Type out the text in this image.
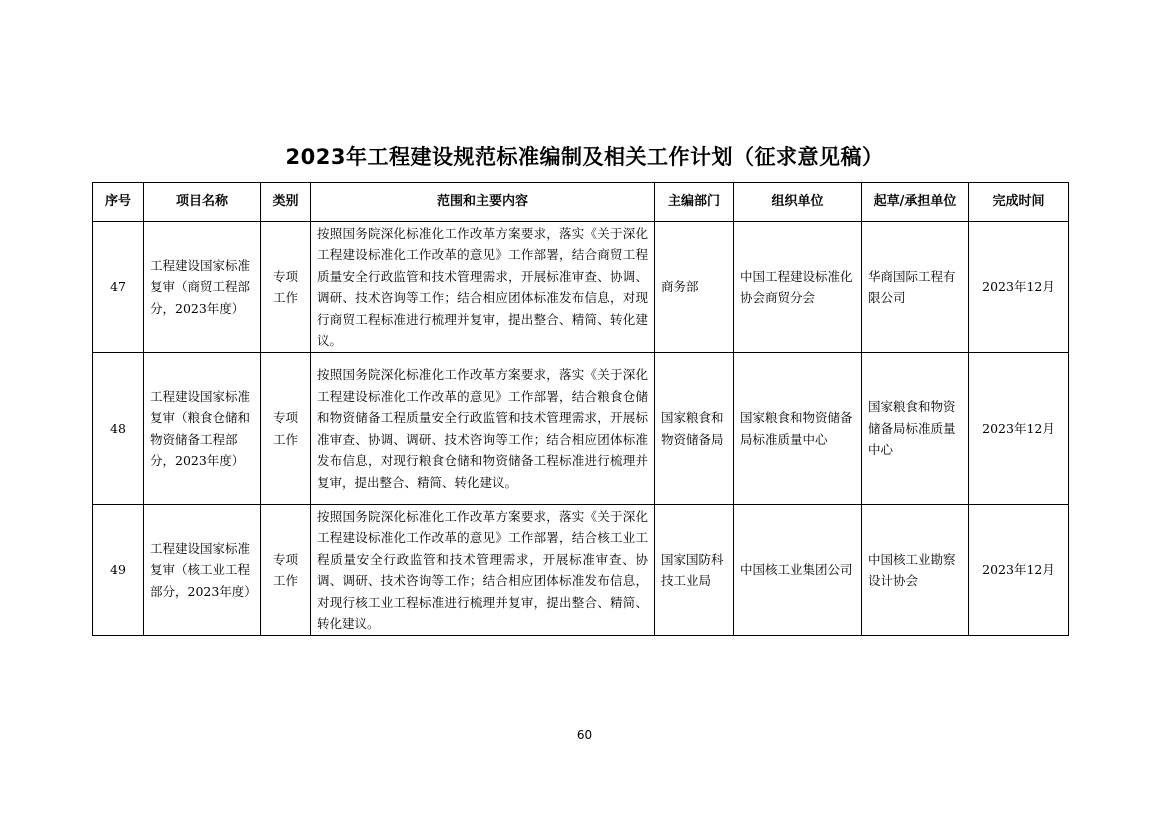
2023年工程建设规范标准编制及相关工作计划（征求意见稿）
序号	项目名称	类别	范围和主要内容	主编部门	组织单位	起草/承担单位	完成时间
47	工程建设国家标准复审（商贸工程部分，2023年度）	专项工作	按照国务院深化标准化工作改革方案要求，落实《关于深化工程建设标准化工作改革的意见》工作部署，结合商贸工程质量安全行政监管和技术管理需求，开展标准审查、协调、调研、技术咨询等工作；结合相应团体标准发布信息，对现行商贸工程标准进行梳理并复审，提出整合、精简、转化建议。	商务部	中国工程建设标准化协会商贸分会	华商国际工程有限公司	2023年12月
48	工程建设国家标准复审（粮食仓储和物资储备工程部分，2023年度）	专项工作	按照国务院深化标准化工作改革方案要求，落实《关于深化工程建设标准化工作改革的意见》工作部署，结合粮食仓储和物资储备工程质量安全行政监管和技术管理需求，开展标准审查、协调、调研、技术咨询等工作；结合相应团体标准发布信息，对现行粮食仓储和物资储备工程标准进行梳理并复审，提出整合、精简、转化建议。	国家粮食和物资储备局	国家粮食和物资储备局标准质量中心	国家粮食和物资储备局标准质量中心	2023年12月
49	工程建设国家标准复审（核工业工程部分，2023年度）	专项工作	按照国务院深化标准化工作改革方案要求，落实《关于深化工程建设标准化工作改革的意见》工作部署，结合核工业工程质量安全行政监管和技术管理需求，开展标准审查、协调、调研、技术咨询等工作；结合相应团体标准发布信息，对现行核工业工程标准进行梳理并复审，提出整合、精简、转化建议。	国家国防科技工业局	中国核工业集团公司	中国核工业勘察设计协会	2023年12月
60
